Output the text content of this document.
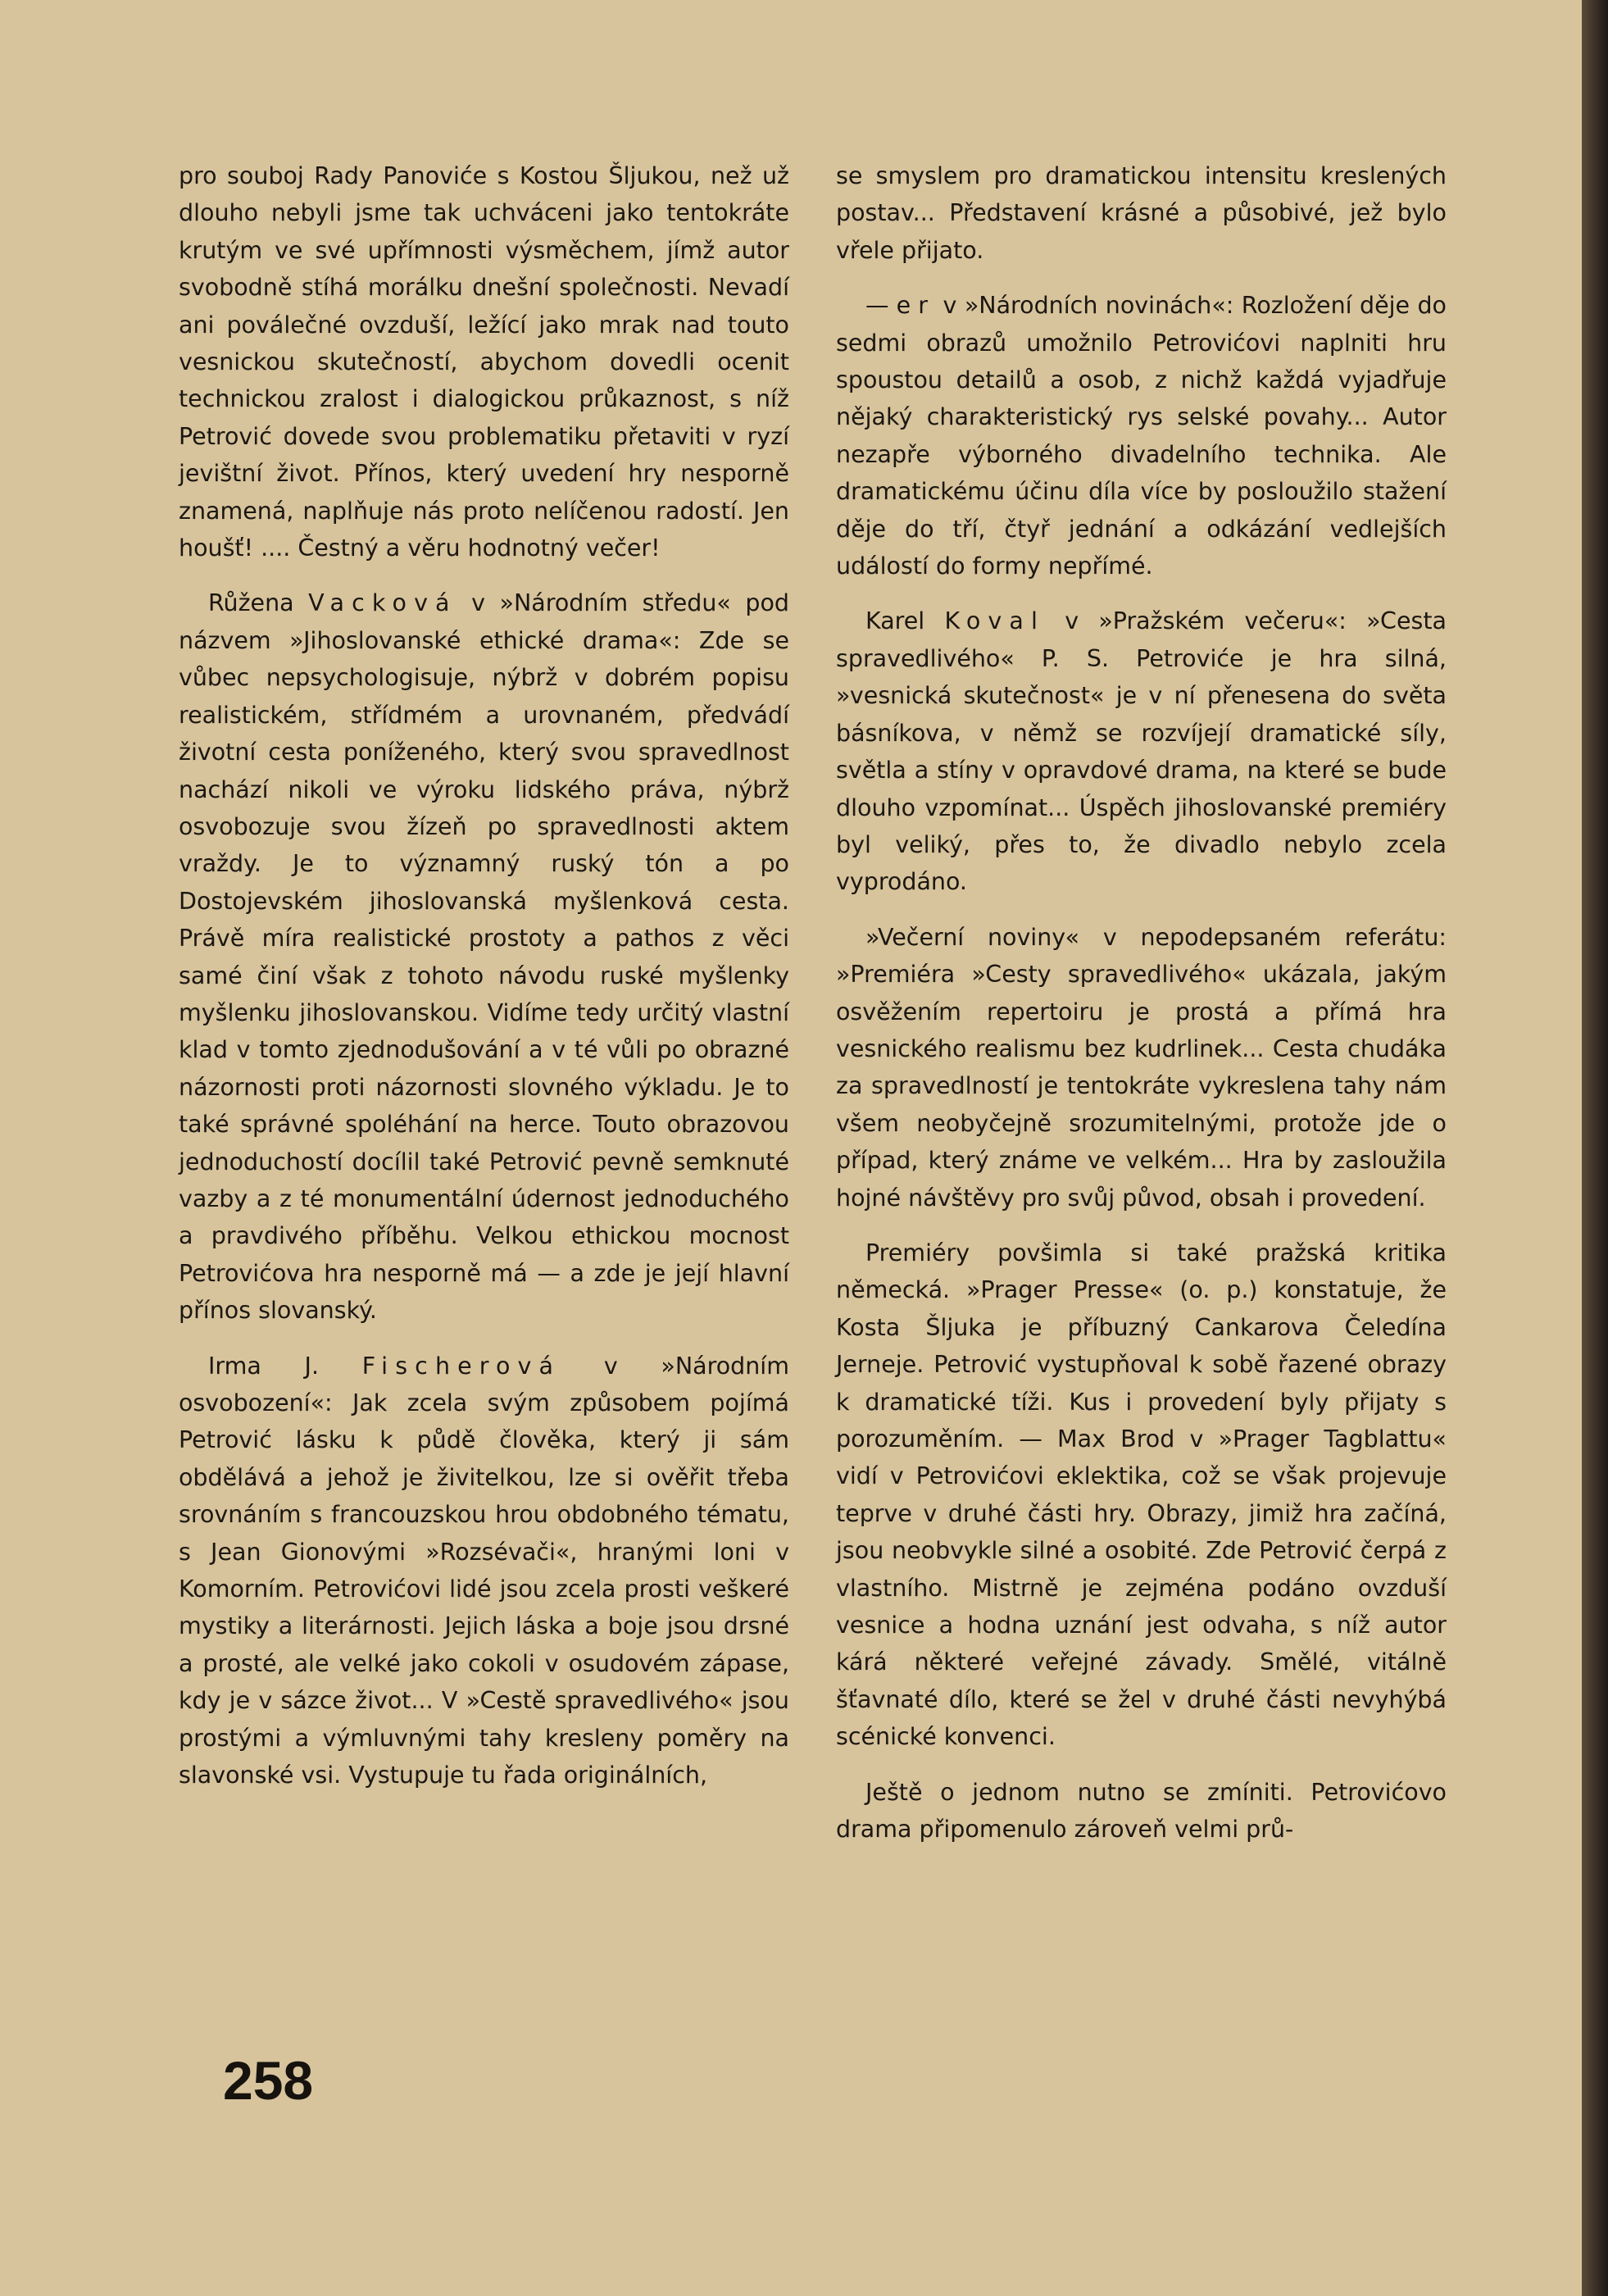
pro souboj Rady Panoviće s Kostou Šljukou, než už dlouho nebyli jsme tak uchváceni jako tentokráte krutým ve své upřímnosti výsměchem, jímž autor svobodně stíhá morálku dnešní společnosti. Nevadí ani poválečné ovzduší, ležící jako mrak nad touto vesnickou skutečností, abychom dovedli ocenit technickou zralost i dialogickou průkaznost, s níž Petrović dovede svou problematiku přetaviti v ryzí jevištní život. Přínos, který uvedení hry nesporně znamená, naplňuje nás proto nelíčenou radostí. Jen houšť! .... Čestný a věru hodnotný večer!

Růžena Vacková v »Národním středu« pod názvem »Jihoslovanské ethické drama«: Zde se vůbec nepsychologisuje, nýbrž v dobrém popisu realistickém, střídmém a urovnaném, předvádí životní cesta poníženého, který svou spravedlnost nachází nikoli ve výroku lidského práva, nýbrž osvobozuje svou žízeň po spravedlnosti aktem vraždy. Je to významný ruský tón a po Dostojevském jihoslovanská myšlenková cesta. Právě míra realistické prostoty a pathos z věci samé činí však z tohoto návodu ruské myšlenky myšlenku jihoslovanskou. Vidíme tedy určitý vlastní klad v tomto zjednodušování a v té vůli po obrazné názornosti proti názornosti slovného výkladu. Je to také správné spoléhání na herce. Touto obrazovou jednoduchostí docílil také Petrović pevně semknuté vazby a z té monumentální údernost jednoduchého a pravdivého příběhu. Velkou ethickou mocnost Petrovićova hra nesporně má — a zde je její hlavní přínos slovanský.

Irma J. Fischerová v »Národním osvobození«: Jak zcela svým způsobem pojímá Petrović lásku k půdě člověka, který ji sám obdělává a jehož je živitelkou, lze si ověřit třeba srovnáním s francouzskou hrou obdobného tématu, s Jean Gionovými »Rozsévači«, hranými loni v Komorním. Petrovićovi lidé jsou zcela prosti veškeré mystiky a literárnosti. Jejich láska a boje jsou drsné a prosté, ale velké jako cokoli v osudovém zápase, kdy je v sázce život... V »Cestě spravedlivého« jsou prostými a výmluvnými tahy kresleny poměry na slavonské vsi. Vystupuje tu řada originálních,

se smyslem pro dramatickou intensitu kreslených postav... Představení krásné a působivé, jež bylo vřele přijato.

—er v »Národních novinách«: Rozložení děje do sedmi obrazů umožnilo Petrovićovi naplniti hru spoustou detailů a osob, z nichž každá vyjadřuje nějaký charakteristický rys selské povahy... Autor nezapře výborného divadelního technika. Ale dramatickému účinu díla více by posloužilo stažení děje do tří, čtyř jednání a odkázání vedlejších událostí do formy nepřímé.

Karel Koval v »Pražském večeru«: »Cesta spravedlivého« P. S. Petroviće je hra silná, »vesnická skutečnost« je v ní přenesena do světa básníkova, v němž se rozvíjejí dramatické síly, světla a stíny v opravdové drama, na které se bude dlouho vzpomínat... Úspěch jihoslovanské premiéry byl veliký, přes to, že divadlo nebylo zcela vyprodáno.

»Večerní noviny« v nepodepsaném referátu: »Premiéra »Cesty spravedlivého« ukázala, jakým osvěžením repertoiru je prostá a přímá hra vesnického realismu bez kudrlinek... Cesta chudáka za spravedlností je tentokráte vykreslena tahy nám všem neobyčejně srozumitelnými, protože jde o případ, který známe ve velkém... Hra by zasloužila hojné návštěvy pro svůj původ, obsah i provedení.

Premiéry povšimla si také pražská kritika německá. »Prager Presse« (o. p.) konstatuje, že Kosta Šljuka je příbuzný Cankarova Čeledína Jerneje. Petrović vystupňoval k sobě řazené obrazy k dramatické tíži. Kus i provedení byly přijaty s porozuměním. — Max Brod v »Prager Tagblattu« vidí v Petrovićovi eklektika, což se však projevuje teprve v druhé části hry. Obrazy, jimiž hra začíná, jsou neobvykle silné a osobité. Zde Petrović čerpá z vlastního. Mistrně je zejména podáno ovzduší vesnice a hodna uznání jest odvaha, s níž autor kárá některé veřejné závady. Smělé, vitálně šťavnaté dílo, které se žel v druhé části nevyhýbá scénické konvenci.

Ještě o jednom nutno se zmíniti. Petrovićovo drama připomenulo zároveň velmi prů-

258
